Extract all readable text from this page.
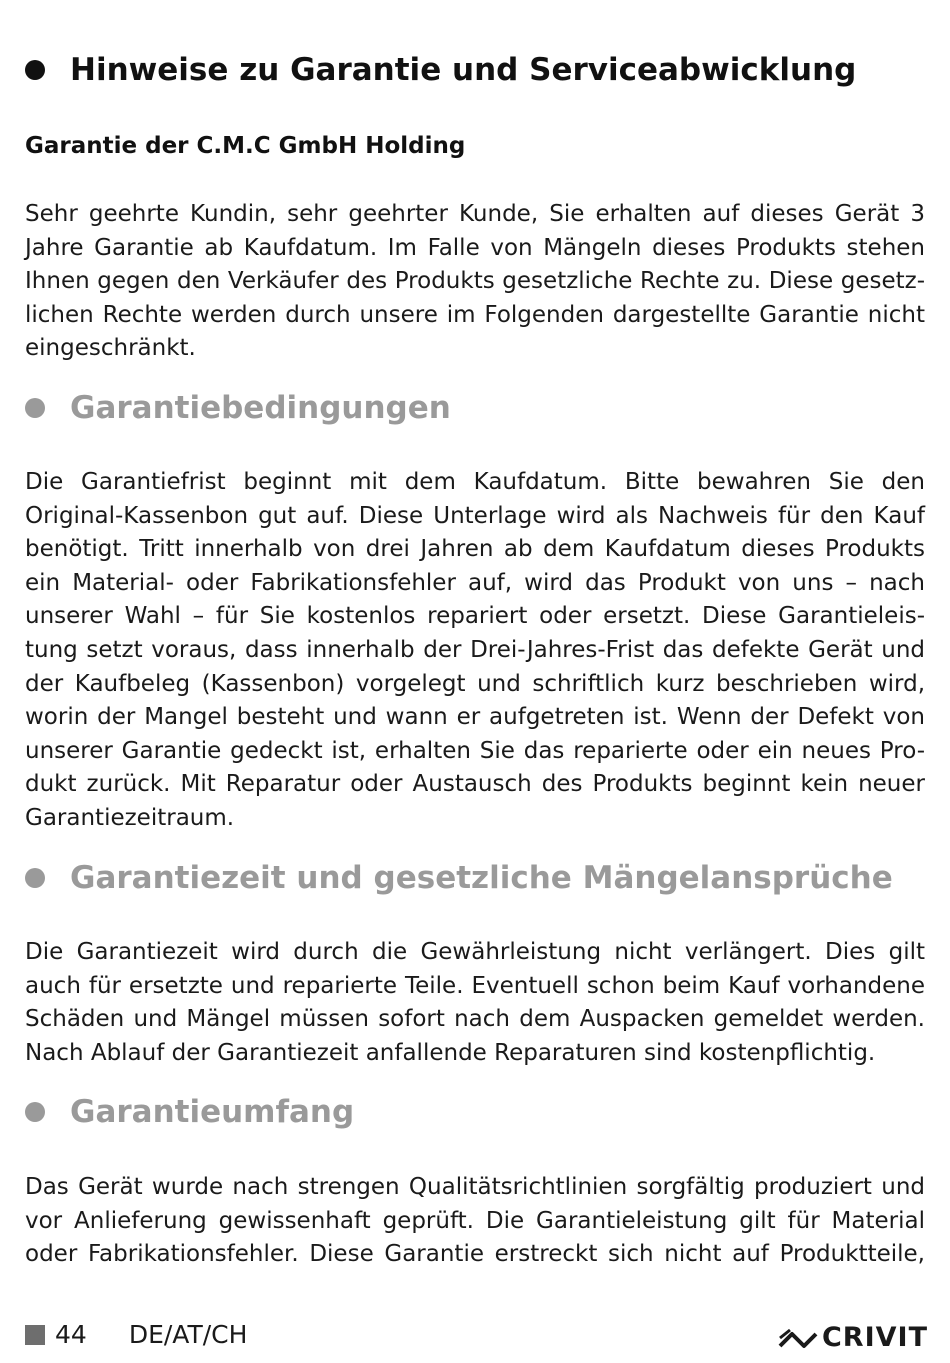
Hinweise zu Garantie und Serviceabwicklung
Garantie der C.M.C GmbH Holding
Sehr geehrte Kundin, sehr geehrter Kunde, Sie erhalten auf dieses Gerät 3
Jahre Garantie ab Kaufdatum. Im Falle von Mängeln dieses Produkts stehen
Ihnen gegen den Verkäufer des Produkts gesetzliche Rechte zu. Diese gesetz-
lichen Rechte werden durch unsere im Folgenden dargestellte Garantie nicht
eingeschränkt.
Garantiebedingungen
Die Garantiefrist beginnt mit dem Kaufdatum. Bitte bewahren Sie den
Original-Kassenbon gut auf. Diese Unterlage wird als Nachweis für den Kauf
benötigt. Tritt innerhalb von drei Jahren ab dem Kaufdatum dieses Produkts
ein Material- oder Fabrikationsfehler auf, wird das Produkt von uns – nach
unserer Wahl – für Sie kostenlos repariert oder ersetzt. Diese Garantieleis-
tung setzt voraus, dass innerhalb der Drei-Jahres-Frist das defekte Gerät und
der Kaufbeleg (Kassenbon) vorgelegt und schriftlich kurz beschrieben wird,
worin der Mangel besteht und wann er aufgetreten ist. Wenn der Defekt von
unserer Garantie gedeckt ist, erhalten Sie das reparierte oder ein neues Pro-
dukt zurück. Mit Reparatur oder Austausch des Produkts beginnt kein neuer
Garantiezeitraum.
Garantiezeit und gesetzliche Mängelansprüche
Die Garantiezeit wird durch die Gewährleistung nicht verlängert. Dies gilt
auch für ersetzte und reparierte Teile. Eventuell schon beim Kauf vorhandene
Schäden und Mängel müssen sofort nach dem Auspacken gemeldet werden.
Nach Ablauf der Garantiezeit anfallende Reparaturen sind kostenpflichtig.
Garantieumfang
Das Gerät wurde nach strengen Qualitätsrichtlinien sorgfältig produziert und
vor Anlieferung gewissenhaft geprüft. Die Garantieleistung gilt für Material
oder Fabrikationsfehler. Diese Garantie erstreckt sich nicht auf Produktteile,
44 DE/AT/CH	CRIVIT
